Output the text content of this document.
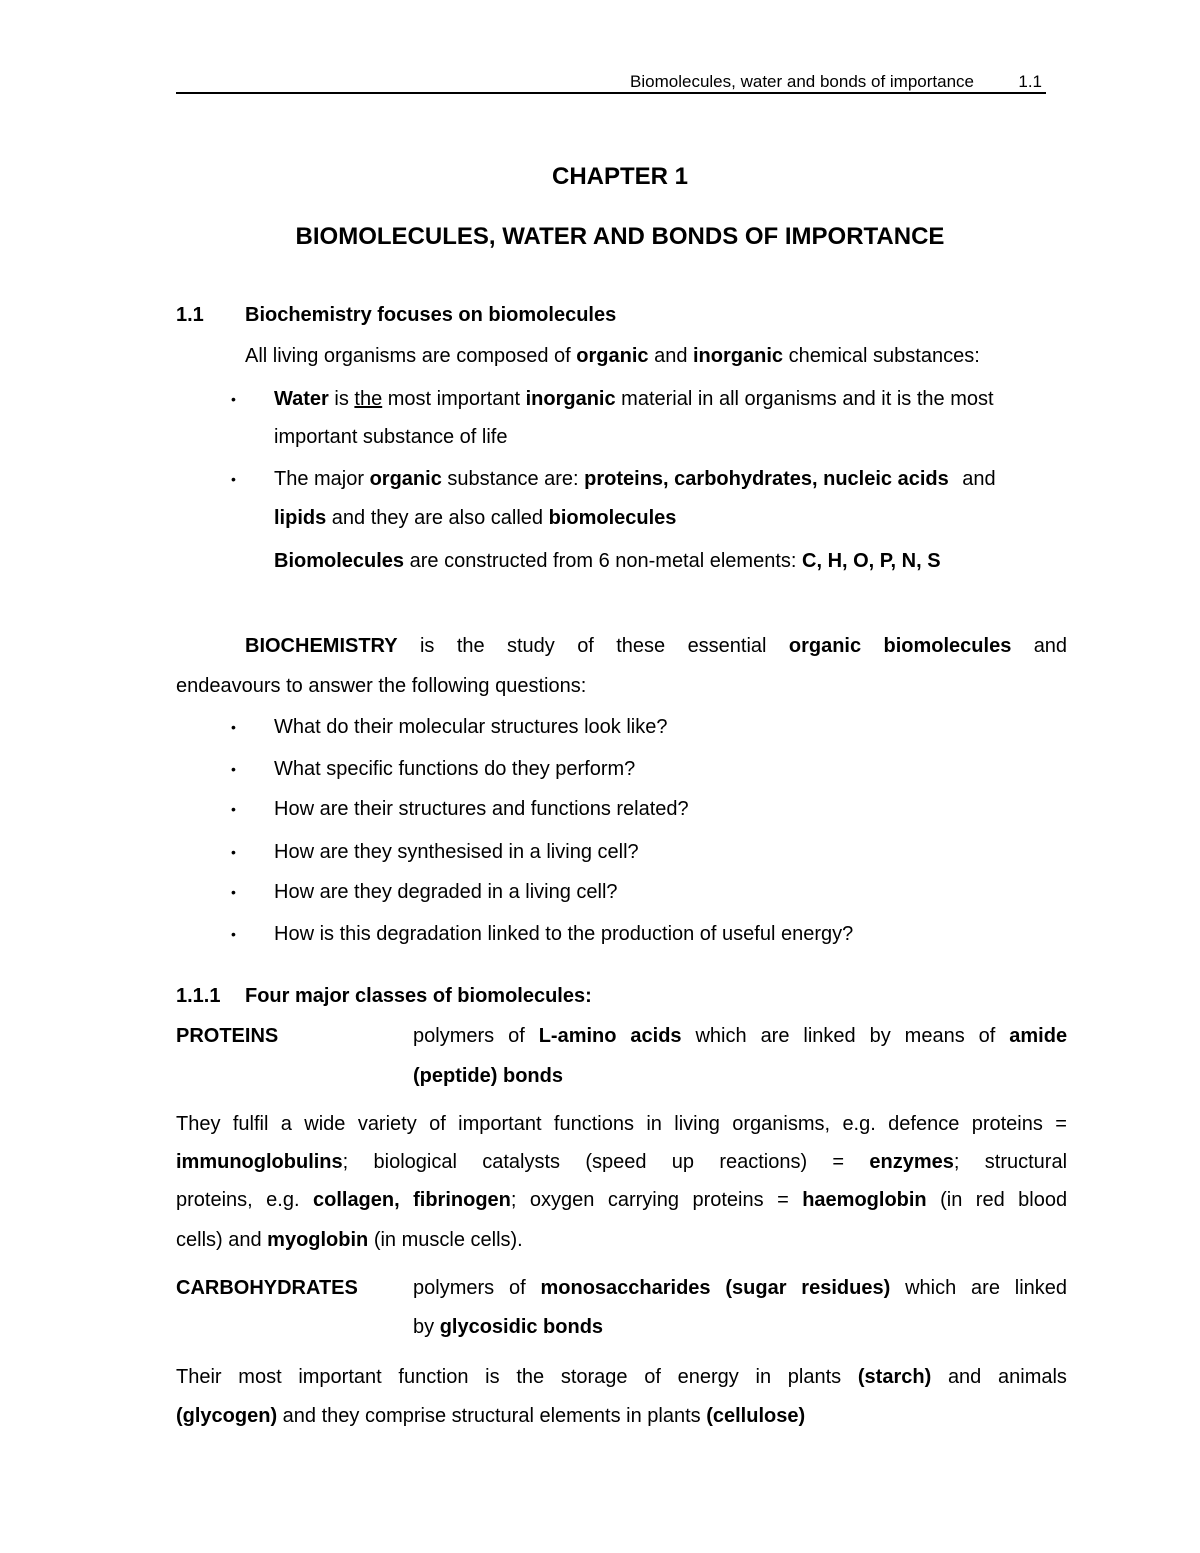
Biomolecules, water and bonds of importance	1.1
CHAPTER 1
BIOMOLECULES, WATER AND BONDS OF IMPORTANCE
1.1 Biochemistry focuses on biomolecules
All living organisms are composed of organic and inorganic chemical substances:
• Water is the most important inorganic material in all organisms and it is the most
important substance of life
• The major organic substance are: proteins, carbohydrates, nucleic acids and
lipids and they are also called biomolecules
Biomolecules are constructed from 6 non-metal elements: C, H, O, P, N, S
BIOCHEMISTRY is the study of these essential organic biomolecules and
endeavours to answer the following questions:
• What do their molecular structures look like?
• What specific functions do they perform?
• How are their structures and functions related?
• How are they synthesised in a living cell?
• How are they degraded in a living cell?
• How is this degradation linked to the production of useful energy?
1.1.1 Four major classes of biomolecules:
PROTEINS	polymers of L-amino acids which are linked by means of amide
(peptide) bonds
They fulfil a wide variety of important functions in living organisms, e.g. defence proteins =
immunoglobulins; biological catalysts (speed up reactions) = enzymes; structural
proteins, e.g. collagen, fibrinogen; oxygen carrying proteins = haemoglobin (in red blood
cells) and myoglobin (in muscle cells).
CARBOHYDRATES	polymers of monosaccharides (sugar residues) which are linked
by glycosidic bonds
Their most important function is the storage of energy in plants (starch) and animals
(glycogen) and they comprise structural elements in plants (cellulose)
